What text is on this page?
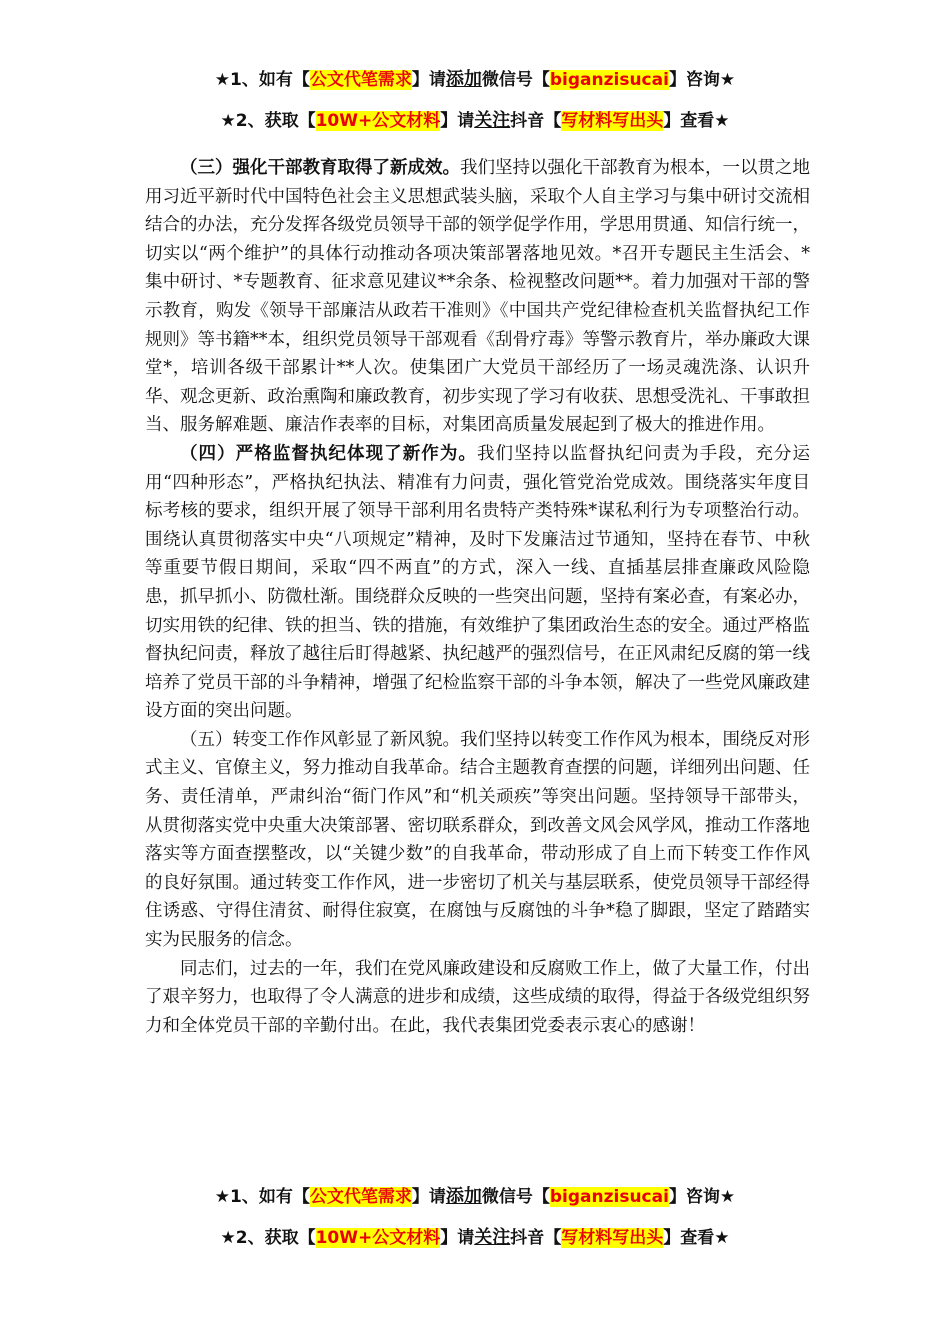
★1、如有【公文代笔需求】请添加微信号【biganzisucai】咨询★
★2、获取【10W+公文材料】请关注抖音【写材料写出头】查看★

（三）强化干部教育取得了新成效。我们坚持以强化干部教育为根本，一以贯之地用习近平新时代中国特色社会主义思想武装头脑，采取个人自主学习与集中研讨交流相结合的办法，充分发挥各级党员领导干部的领学促学作用，学思用贯通、知信行统一，切实以“两个维护”的具体行动推动各项决策部署落地见效。*召开专题民主生活会、*集中研讨、*专题教育、征求意见建议**余条、检视整改问题**。着力加强对干部的警示教育，购发《领导干部廉洁从政若干准则》《中国共产党纪律检查机关监督执纪工作规则》等书籍**本，组织党员领导干部观看《刮骨疗毒》等警示教育片，举办廉政大课堂*，培训各级干部累计**人次。使集团广大党员干部经历了一场灵魂洗涤、认识升华、观念更新、政治熏陶和廉政教育，初步实现了学习有收获、思想受洗礼、干事敢担当、服务解难题、廉洁作表率的目标，对集团高质量发展起到了极大的推进作用。

（四）严格监督执纪体现了新作为。我们坚持以监督执纪问责为手段，充分运用“四种形态”，严格执纪执法、精准有力问责，强化管党治党成效。围绕落实年度目标考核的要求，组织开展了领导干部利用名贵特产类特殊*谋私利行为专项整治行动。围绕认真贯彻落实中央“八项规定”精神，及时下发廉洁过节通知，坚持在春节、中秋等重要节假日期间，采取“四不两直”的方式，深入一线、直插基层排查廉政风险隐患，抓早抓小、防微杜渐。围绕群众反映的一些突出问题，坚持有案必查，有案必办，切实用铁的纪律、铁的担当、铁的措施，有效维护了集团政治生态的安全。通过严格监督执纪问责，释放了越往后盯得越紧、执纪越严的强烈信号，在正风肃纪反腐的第一线培养了党员干部的斗争精神，增强了纪检监察干部的斗争本领，解决了一些党风廉政建设方面的突出问题。

（五）转变工作作风彰显了新风貌。我们坚持以转变工作作风为根本，围绕反对形式主义、官僚主义，努力推动自我革命。结合主题教育查摆的问题，详细列出问题、任务、责任清单，严肃纠治“衙门作风”和“机关顽疾”等突出问题。坚持领导干部带头，从贯彻落实党中央重大决策部署、密切联系群众，到改善文风会风学风，推动工作落地落实等方面查摆整改，以“关键少数”的自我革命，带动形成了自上而下转变工作作风的良好氛围。通过转变工作作风，进一步密切了机关与基层联系，使党员领导干部经得住诱惑、守得住清贫、耐得住寂寞，在腐蚀与反腐蚀的斗争*稳了脚跟，坚定了踏踏实实为民服务的信念。

同志们，过去的一年，我们在党风廉政建设和反腐败工作上，做了大量工作，付出了艰辛努力，也取得了令人满意的进步和成绩，这些成绩的取得，得益于各级党组织努力和全体党员干部的辛勤付出。在此，我代表集团党委表示衷心的感谢！

★1、如有【公文代笔需求】请添加微信号【biganzisucai】咨询★
★2、获取【10W+公文材料】请关注抖音【写材料写出头】查看★
